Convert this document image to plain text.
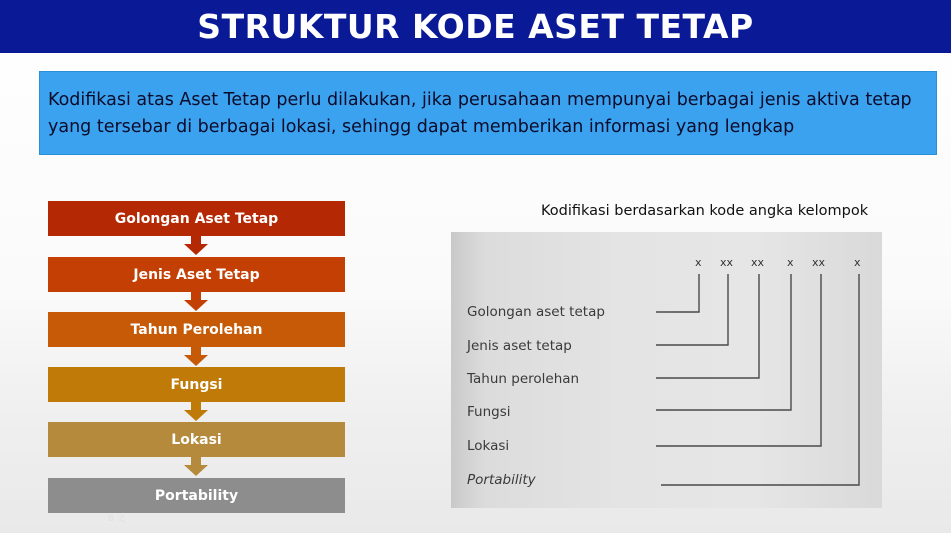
STRUKTUR KODE ASET TETAP

Kodifikasi atas Aset Tetap perlu dilakukan, jika perusahaan mempunyai berbagai jenis aktiva tetap

yang tersebar di berbagai lokasi, sehingg dapat memberikan informasi yang lengkap

Golongan Aset Tetap
Jenis Aset Tetap
Tahun Perolehan
Fungsi
Lokasi
Portability
Kodifikasi berdasarkan kode angka kelompok
x xx xx x xx	x
Golongan aset tetap
Jenis aset tetap
Tahun perolehan
Fungsi
Lokasi
Portability
ʙ  ʐ
